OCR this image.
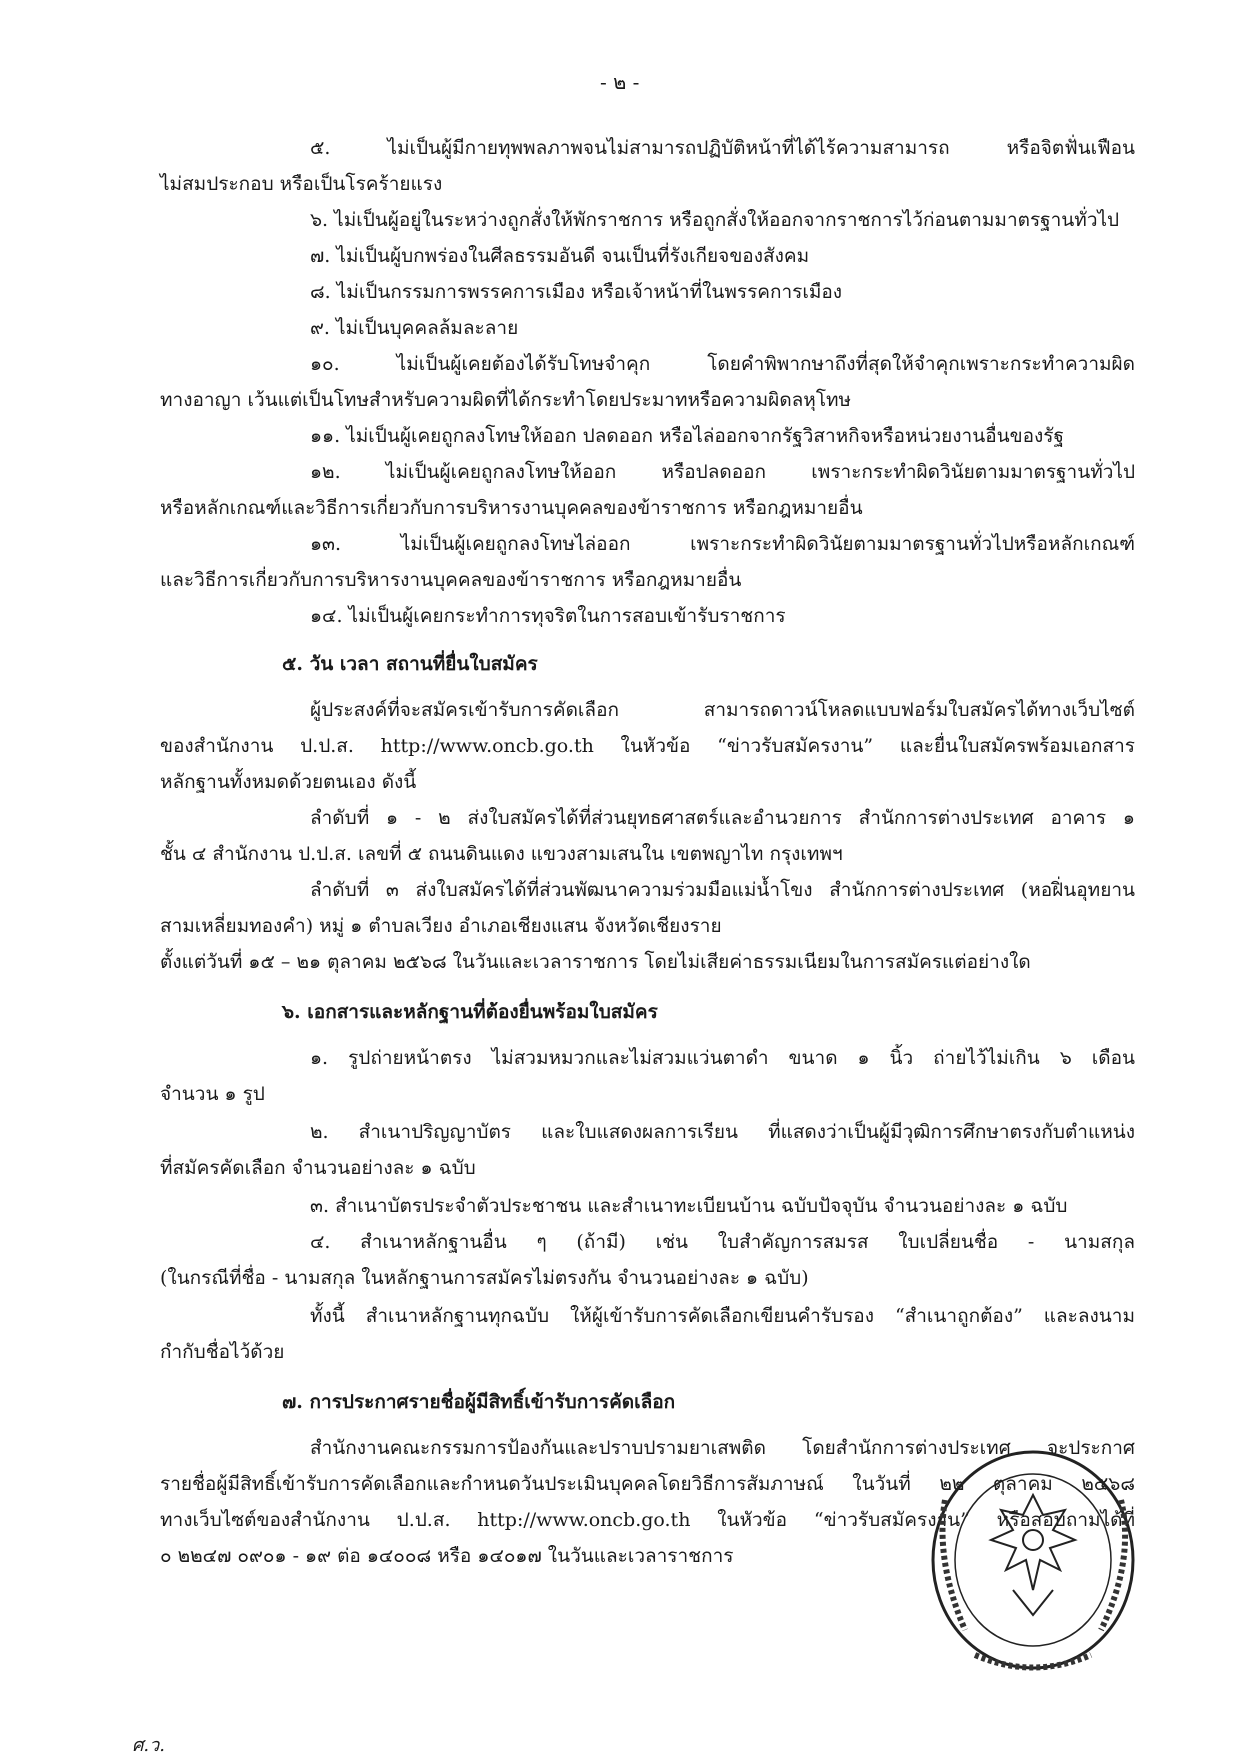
- ๒ -
๕. ไม่เป็นผู้มีกายทุพพลภาพจนไม่สามารถปฏิบัติหน้าที่ได้ไร้ความสามารถ หรือจิตฟั่นเฟือน
ไม่สมประกอบ หรือเป็นโรคร้ายแรง
๖. ไม่เป็นผู้อยู่ในระหว่างถูกสั่งให้พักราชการ หรือถูกสั่งให้ออกจากราชการไว้ก่อนตามมาตรฐานทั่วไป
๗. ไม่เป็นผู้บกพร่องในศีลธรรมอันดี จนเป็นที่รังเกียจของสังคม
๘. ไม่เป็นกรรมการพรรคการเมือง หรือเจ้าหน้าที่ในพรรคการเมือง
๙. ไม่เป็นบุคคลล้มละลาย
๑๐. ไม่เป็นผู้เคยต้องได้รับโทษจำคุก โดยคำพิพากษาถึงที่สุดให้จำคุกเพราะกระทำความผิด
ทางอาญา เว้นแต่เป็นโทษสำหรับความผิดที่ได้กระทำโดยประมาทหรือความผิดลหุโทษ
๑๑. ไม่เป็นผู้เคยถูกลงโทษให้ออก ปลดออก หรือไล่ออกจากรัฐวิสาหกิจหรือหน่วยงานอื่นของรัฐ
๑๒. ไม่เป็นผู้เคยถูกลงโทษให้ออก หรือปลดออก เพราะกระทำผิดวินัยตามมาตรฐานทั่วไป
หรือหลักเกณฑ์และวิธีการเกี่ยวกับการบริหารงานบุคคลของข้าราชการ หรือกฎหมายอื่น
๑๓. ไม่เป็นผู้เคยถูกลงโทษไล่ออก เพราะกระทำผิดวินัยตามมาตรฐานทั่วไปหรือหลักเกณฑ์
และวิธีการเกี่ยวกับการบริหารงานบุคคลของข้าราชการ หรือกฎหมายอื่น
๑๔. ไม่เป็นผู้เคยกระทำการทุจริตในการสอบเข้ารับราชการ
๕. วัน เวลา สถานที่ยื่นใบสมัคร
ผู้ประสงค์ที่จะสมัครเข้ารับการคัดเลือก สามารถดาวน์โหลดแบบฟอร์มใบสมัครได้ทางเว็บไซต์
ของสำนักงาน ป.ป.ส. http://www.oncb.go.th ในหัวข้อ “ข่าวรับสมัครงาน” และยื่นใบสมัครพร้อมเอกสาร
หลักฐานทั้งหมดด้วยตนเอง ดังนี้
ลำดับที่ ๑ - ๒ ส่งใบสมัครได้ที่ส่วนยุทธศาสตร์และอำนวยการ สำนักการต่างประเทศ อาคาร ๑
ชั้น ๔ สำนักงาน ป.ป.ส. เลขที่ ๕ ถนนดินแดง แขวงสามเสนใน เขตพญาไท กรุงเทพฯ
ลำดับที่ ๓ ส่งใบสมัครได้ที่ส่วนพัฒนาความร่วมมือแม่น้ำโขง สำนักการต่างประเทศ (หอฝิ่นอุทยาน
สามเหลี่ยมทองคำ) หมู่ ๑ ตำบลเวียง อำเภอเชียงแสน จังหวัดเชียงราย
ตั้งแต่วันที่ ๑๕ – ๒๑ ตุลาคม ๒๕๖๘ ในวันและเวลาราชการ โดยไม่เสียค่าธรรมเนียมในการสมัครแต่อย่างใด
๖. เอกสารและหลักฐานที่ต้องยื่นพร้อมใบสมัคร
๑. รูปถ่ายหน้าตรง ไม่สวมหมวกและไม่สวมแว่นตาดำ ขนาด ๑ นิ้ว ถ่ายไว้ไม่เกิน ๖ เดือน
จำนวน ๑ รูป
๒. สำเนาปริญญาบัตร และใบแสดงผลการเรียน ที่แสดงว่าเป็นผู้มีวุฒิการศึกษาตรงกับตำแหน่ง
ที่สมัครคัดเลือก จำนวนอย่างละ ๑ ฉบับ
๓. สำเนาบัตรประจำตัวประชาชน และสำเนาทะเบียนบ้าน ฉบับปัจจุบัน จำนวนอย่างละ ๑ ฉบับ
๔. สำเนาหลักฐานอื่น ๆ (ถ้ามี) เช่น ใบสำคัญการสมรส ใบเปลี่ยนชื่อ - นามสกุล
(ในกรณีที่ชื่อ - นามสกุล ในหลักฐานการสมัครไม่ตรงกัน จำนวนอย่างละ ๑ ฉบับ)
ทั้งนี้ สำเนาหลักฐานทุกฉบับ ให้ผู้เข้ารับการคัดเลือกเขียนคำรับรอง “สำเนาถูกต้อง” และลงนาม
กำกับชื่อไว้ด้วย
๗. การประกาศรายชื่อผู้มีสิทธิ์เข้ารับการคัดเลือก
สำนักงานคณะกรรมการป้องกันและปราบปรามยาเสพติด โดยสำนักการต่างประเทศ จะประกาศ
รายชื่อผู้มีสิทธิ์เข้ารับการคัดเลือกและกำหนดวันประเมินบุคคลโดยวิธีการสัมภาษณ์ ในวันที่ ๒๒ ตุลาคม ๒๕๖๘
ทางเว็บไซต์ของสำนักงาน ป.ป.ส. http://www.oncb.go.th ในหัวข้อ “ข่าวรับสมัครงาน” หรือสอบถามได้ที่
๐ ๒๒๔๗ ๐๙๐๑ - ๑๙ ต่อ ๑๔๐๐๘ หรือ ๑๔๐๑๗ ในวันและเวลาราชการ
ศ.ว.
